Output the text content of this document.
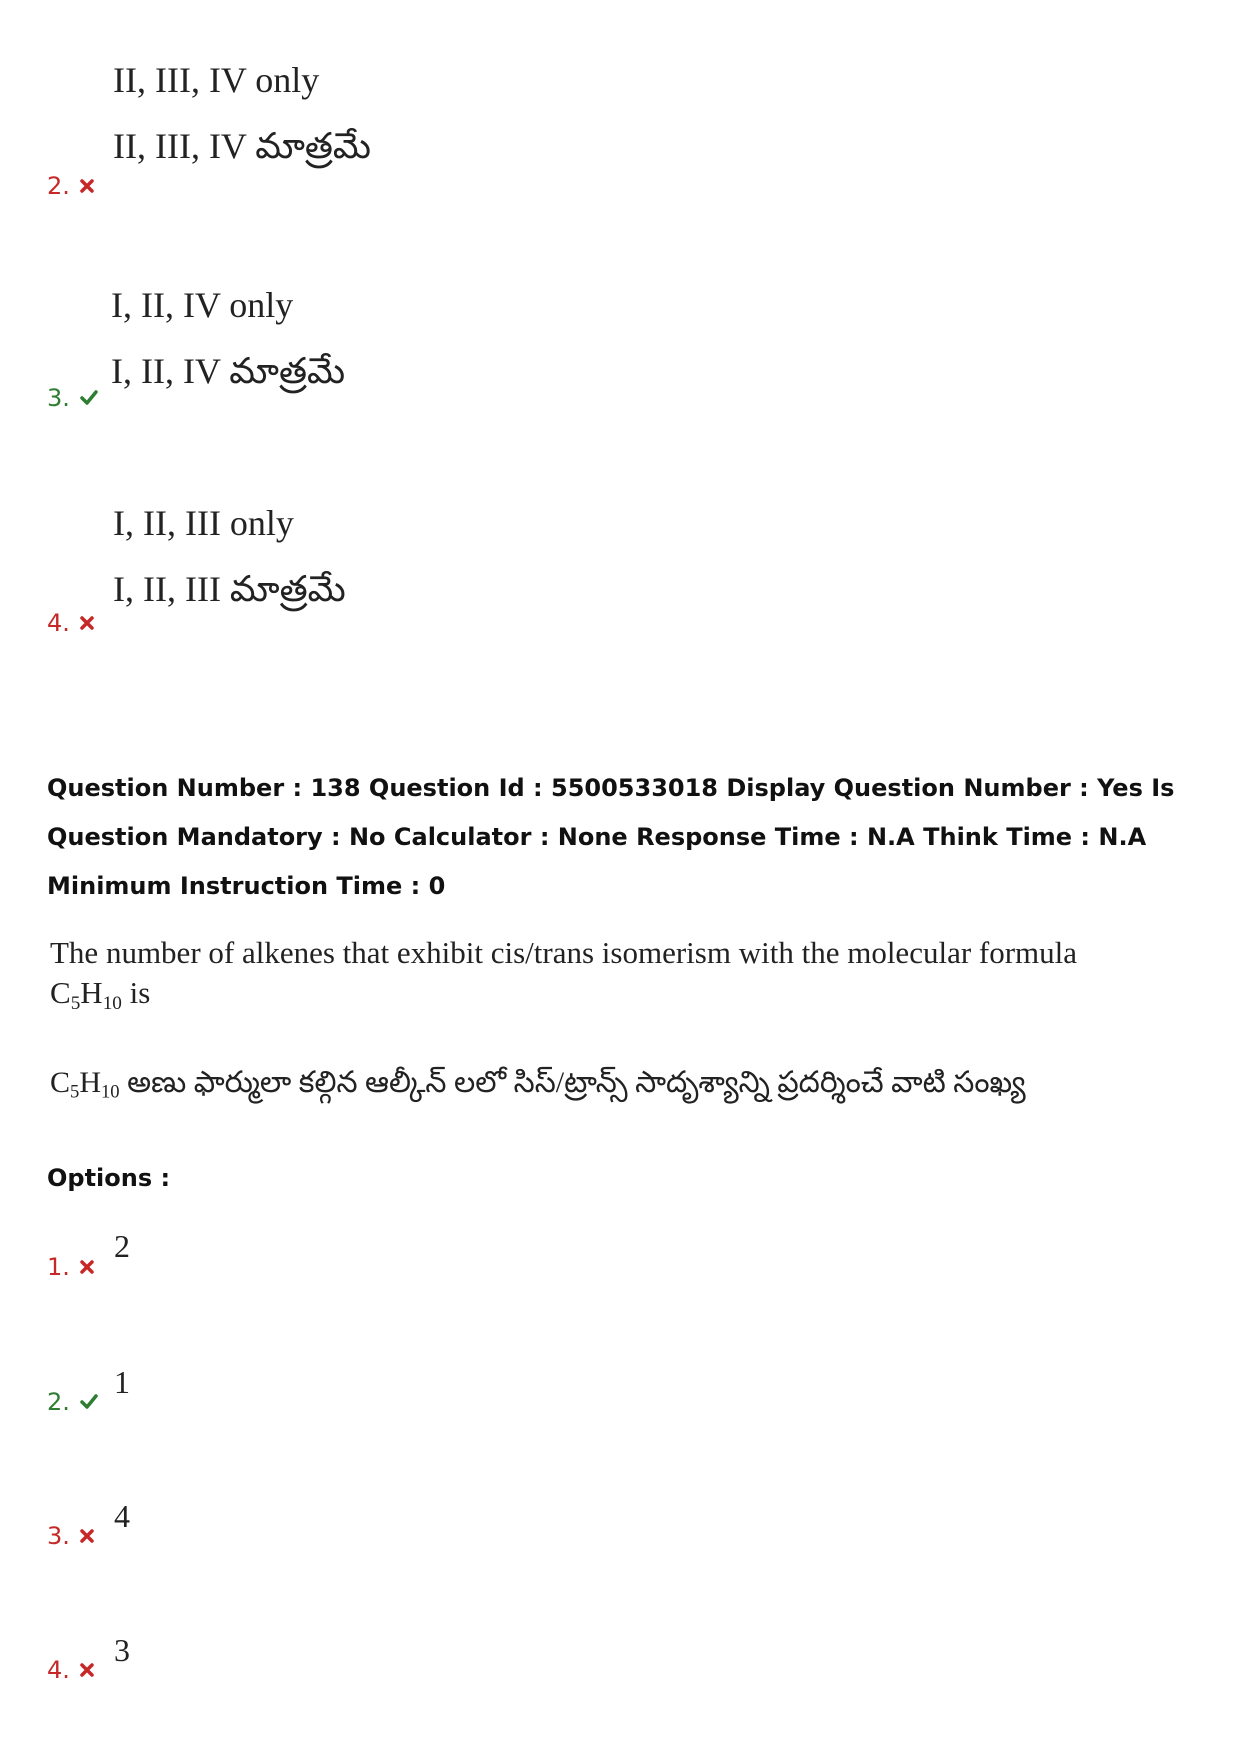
II, III, IV only
II, III, IV మాత్రమే
2.
I, II, IV only
I, II, IV మాత్రమే
3.
I, II, III only
I, II, III మాత్రమే
4.
Question Number : 138 Question Id : 5500533018 Display Question Number : Yes Is Question Mandatory : No Calculator : None Response Time : N.A Think Time : N.A Minimum Instruction Time : 0
The number of alkenes that exhibit cis/trans isomerism with the molecular formula
$C_5H_{10}$ is
$C_5H_{10}$ అణు ఫార్ములా కల్గిన ఆల్కీన్ లలో సిస్/ట్రాన్స్ సాదృశ్యాన్ని ప్రదర్శించే వాటి సంఖ్య
Options :
2
1.
1
2.
4
3.
3
4.
